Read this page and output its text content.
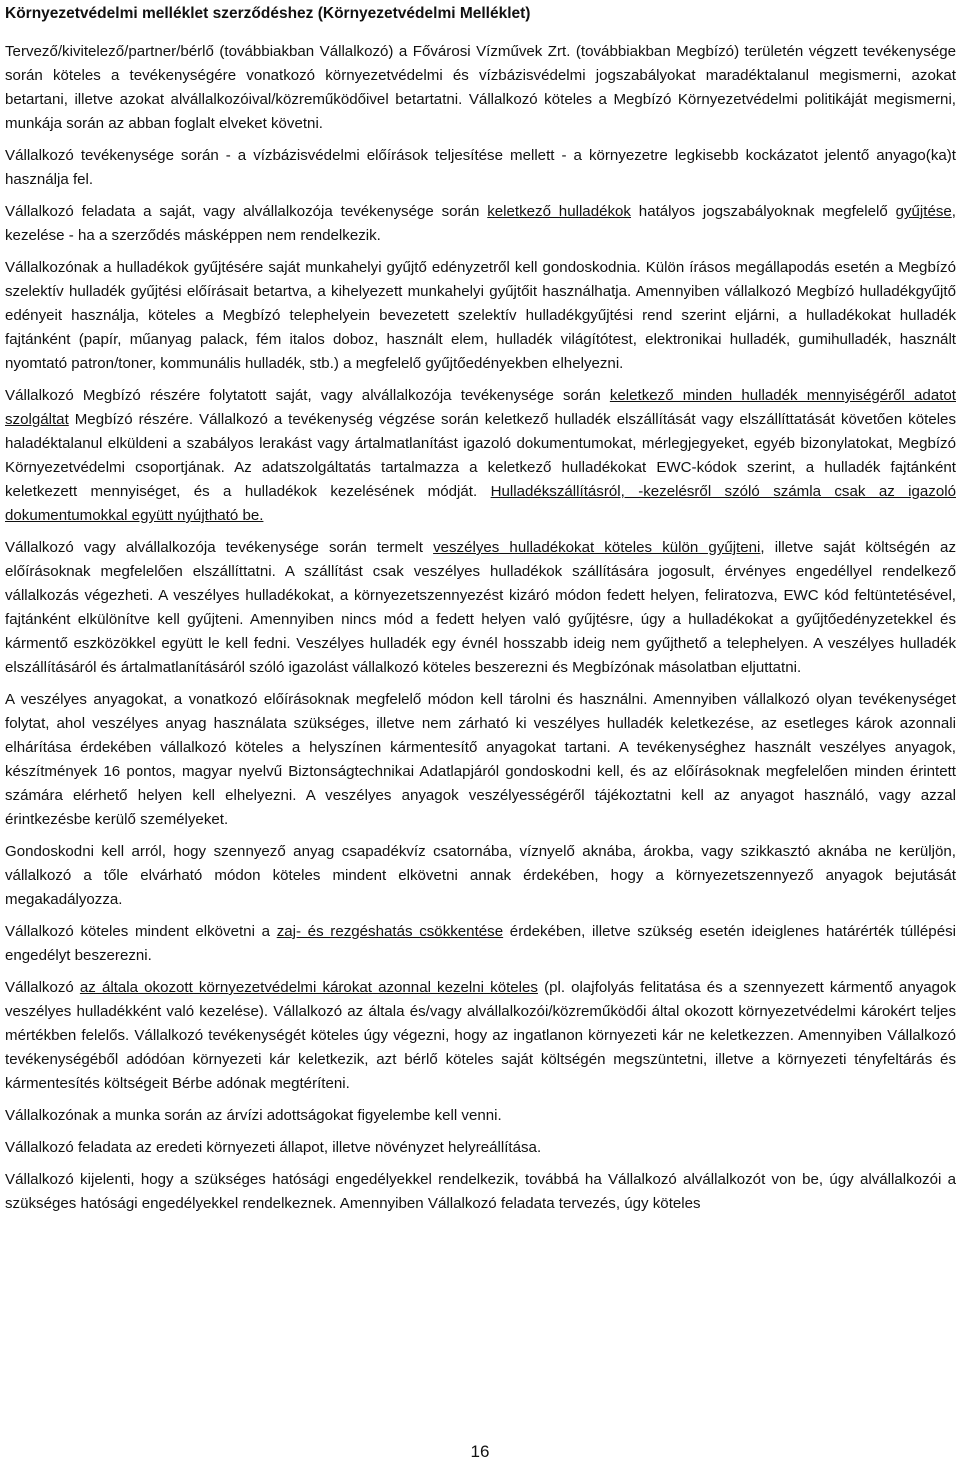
Környezetvédelmi melléklet szerződéshez (Környezetvédelmi Melléklet)

Tervező/kivitelező/partner/bérlő (továbbiakban Vállalkozó) a Fővárosi Vízművek Zrt. (továbbiakban Megbízó) területén végzett tevékenysége során köteles a tevékenységére vonatkozó környezetvédelmi és vízbázisvédelmi jogszabályokat maradéktalanul megismerni, azokat betartani, illetve azokat alvállalkozóival/közreműködőivel betartatni. Vállalkozó köteles a Megbízó Környezetvédelmi politikáját megismerni, munkája során az abban foglalt elveket követni.

Vállalkozó tevékenysége során - a vízbázisvédelmi előírások teljesítése mellett - a környezetre legkisebb kockázatot jelentő anyago(ka)t használja fel.

Vállalkozó feladata a saját, vagy alvállalkozója tevékenysége során keletkező hulladékok hatályos jogszabályoknak megfelelő gyűjtése, kezelése - ha a szerződés másképpen nem rendelkezik.

Vállalkozónak a hulladékok gyűjtésére saját munkahelyi gyűjtő edényzetről kell gondoskodnia. Külön írásos megállapodás esetén a Megbízó szelektív hulladék gyűjtési előírásait betartva, a kihelyezett munkahelyi gyűjtőit használhatja. Amennyiben vállalkozó Megbízó hulladékgyűjtő edényeit használja, köteles a Megbízó telephelyein bevezetett szelektív hulladékgyűjtési rend szerint eljárni, a hulladékokat hulladék fajtánként (papír, műanyag palack, fém italos doboz, használt elem, hulladék világítótest, elektronikai hulladék, gumihulladék, használt nyomtató patron/toner, kommunális hulladék, stb.) a megfelelő gyűjtőedényekben elhelyezni.

Vállalkozó Megbízó részére folytatott saját, vagy alvállalkozója tevékenysége során keletkező minden hulladék mennyiségéről adatot szolgáltat Megbízó részére. Vállalkozó a tevékenység végzése során keletkező hulladék elszállítását vagy elszállíttatását követően köteles haladéktalanul elküldeni a szabályos lerakást vagy ártalmatlanítást igazoló dokumentumokat, mérlegjegyeket, egyéb bizonylatokat, Megbízó Környezetvédelmi csoportjának. Az adatszolgáltatás tartalmazza a keletkező hulladékokat EWC-kódok szerint, a hulladék fajtánként keletkezett mennyiséget, és a hulladékok kezelésének módját. Hulladékszállításról, -kezelésről szóló számla csak az igazoló dokumentumokkal együtt nyújtható be.

Vállalkozó vagy alvállalkozója tevékenysége során termelt veszélyes hulladékokat köteles külön gyűjteni, illetve saját költségén az előírásoknak megfelelően elszállíttatni. A szállítást csak veszélyes hulladékok szállítására jogosult, érvényes engedéllyel rendelkező vállalkozás végezheti. A veszélyes hulladékokat, a környezetszennyezést kizáró módon fedett helyen, feliratozva, EWC kód feltüntetésével, fajtánként elkülönítve kell gyűjteni. Amennyiben nincs mód a fedett helyen való gyűjtésre, úgy a hulladékokat a gyűjtőedényzetekkel és kármentő eszközökkel együtt le kell fedni. Veszélyes hulladék egy évnél hosszabb ideig nem gyűjthető a telephelyen. A veszélyes hulladék elszállításáról és ártalmatlanításáról szóló igazolást vállalkozó köteles beszerezni és Megbízónak másolatban eljuttatni.

A veszélyes anyagokat, a vonatkozó előírásoknak megfelelő módon kell tárolni és használni. Amennyiben vállalkozó olyan tevékenységet folytat, ahol veszélyes anyag használata szükséges, illetve nem zárható ki veszélyes hulladék keletkezése, az esetleges károk azonnali elhárítása érdekében vállalkozó köteles a helyszínen kármentesítő anyagokat tartani. A tevékenységhez használt veszélyes anyagok, készítmények 16 pontos, magyar nyelvű Biztonságtechnikai Adatlapjáról gondoskodni kell, és az előírásoknak megfelelően minden érintett számára elérhető helyen kell elhelyezni. A veszélyes anyagok veszélyességéről tájékoztatni kell az anyagot használó, vagy azzal érintkezésbe kerülő személyeket.

Gondoskodni kell arról, hogy szennyező anyag csapadékvíz csatornába, víznyelő aknába, árokba, vagy szikkasztó aknába ne kerüljön, vállalkozó a tőle elvárható módon köteles mindent elkövetni annak érdekében, hogy a környezetszennyező anyagok bejutását megakadályozza.

Vállalkozó köteles mindent elkövetni a zaj- és rezgéshatás csökkentése érdekében, illetve szükség esetén ideiglenes határérték túllépési engedélyt beszerezni.

Vállalkozó az általa okozott környezetvédelmi károkat azonnal kezelni köteles (pl. olajfolyás felitatása és a szennyezett kármentő anyagok veszélyes hulladékként való kezelése). Vállalkozó az általa és/vagy alvállalkozói/közreműködői által okozott környezetvédelmi károkért teljes mértékben felelős. Vállalkozó tevékenységét köteles úgy végezni, hogy az ingatlanon környezeti kár ne keletkezzen. Amennyiben Vállalkozó tevékenységéből adódóan környezeti kár keletkezik, azt bérlő köteles saját költségén megszüntetni, illetve a környezeti tényfeltárás és kármentesítés költségeit Bérbe adónak megtéríteni.

Vállalkozónak a munka során az árvízi adottságokat figyelembe kell venni.

Vállalkozó feladata az eredeti környezeti állapot, illetve növényzet helyreállítása.

Vállalkozó kijelenti, hogy a szükséges hatósági engedélyekkel rendelkezik, továbbá ha Vállalkozó alvállalkozót von be, úgy alvállalkozói a szükséges hatósági engedélyekkel rendelkeznek. Amennyiben Vállalkozó feladata tervezés, úgy köteles

16
